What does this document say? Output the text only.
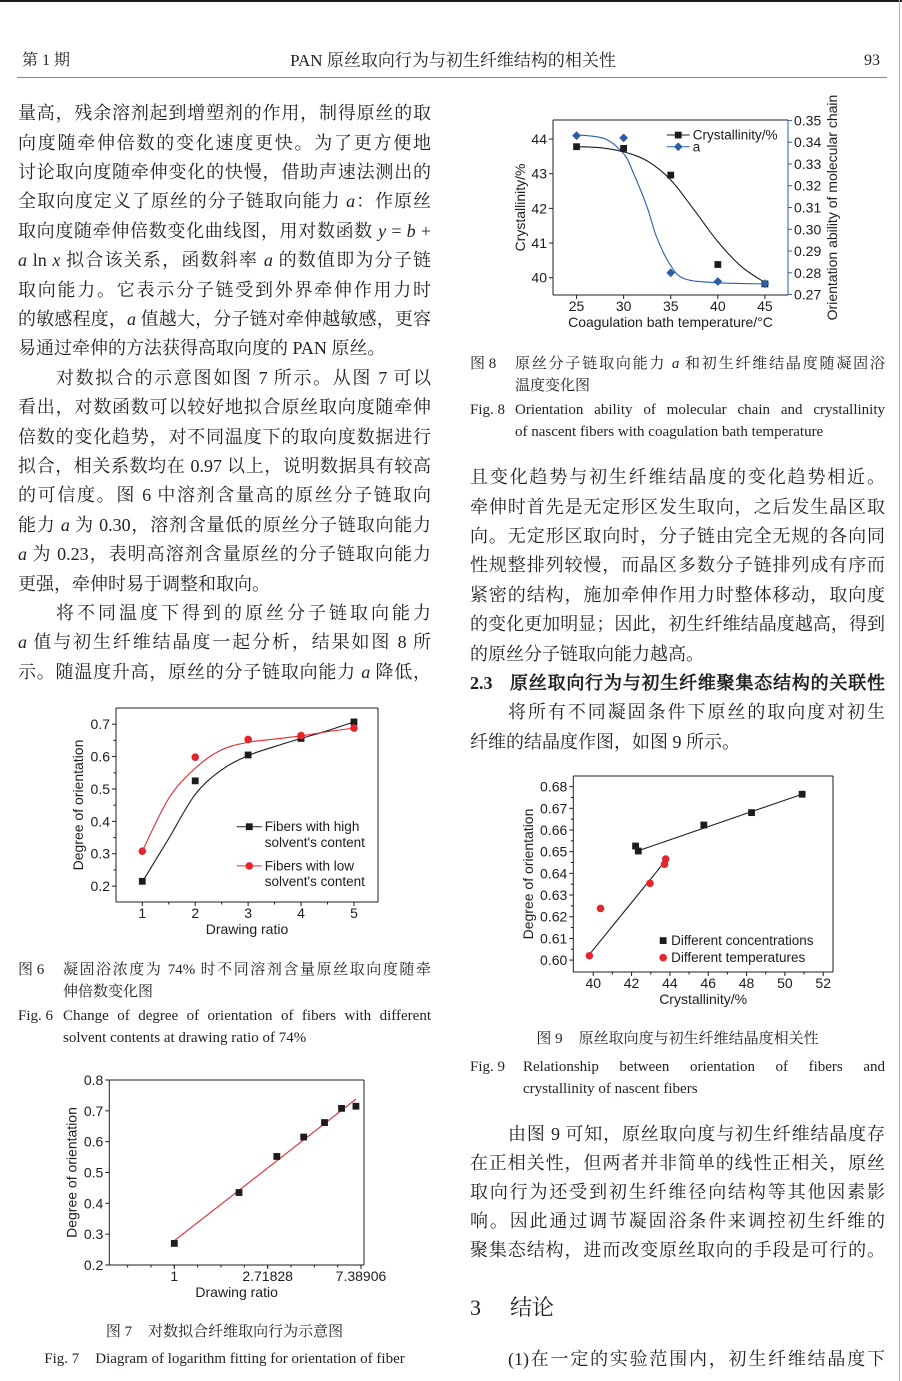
第 1 期	PAN 原丝取向行为与初生纤维结构的相关性	93
量高，残余溶剂起到增塑剂的作用，制得原丝的取
向度随牵伸倍数的变化速度更快。为了更方便地
讨论取向度随牵伸变化的快慢，借助声速法测出的
全取向度定义了原丝的分子链取向能力 a：作原丝
取向度随牵伸倍数变化曲线图，用对数函数 y = b +
a ln x 拟合该关系，函数斜率 a 的数值即为分子链
取向能力。它表示分子链受到外界牵伸作用力时
的敏感程度，a 值越大，分子链对牵伸越敏感，更容
易通过牵伸的方法获得高取向度的 PAN 原丝。
对数拟合的示意图如图 7 所示。从图 7 可以
看出，对数函数可以较好地拟合原丝取向度随牵伸
倍数的变化趋势，对不同温度下的取向度数据进行
拟合，相关系数均在 0.97 以上，说明数据具有较高
的可信度。图 6 中溶剂含量高的原丝分子链取向
能力 a 为 0.30，溶剂含量低的原丝分子链取向能力
a 为 0.23，表明高溶剂含量原丝的分子链取向能力
更强，牵伸时易于调整和取向。
将不同温度下得到的原丝分子链取向能力
a 值与初生纤维结晶度一起分析，结果如图 8 所
示。随温度升高，原丝的分子链取向能力 a 降低，
1	2	3	4	5
0.2
0.3
0.4
0.5
0.6
0.7
Drawing ratio
Degree of orientation	Fibers with high
solvent's content
Fibers with low
solvent's content
图 6	凝固浴浓度为 74% 时不同溶剂含量原丝取向度随牵
伸倍数变化图
Fig. 6 Change of degree of orientation of fibers with different
solvent contents at drawing ratio of 74%
1	2.71828	7.38906
0.2
0.3
0.4
0.5
0.6
0.7
0.8
Drawing ratio
Degree of orientation
图 7 对数拟合纤维取向行为示意图
Fig. 7 Diagram of logarithm fitting for orientation of fiber
25 30 35 40 45
40
41
42
43
44
0.27
0.28
0.29
0.30
0.31
0.32
0.33
0.34
0.35
Coagulation bath temperature/°C
Crystallinity/%	Orientation ability of molecular chain
Crystallinity/%
a
图 8	原丝分子链取向能力 a 和初生纤维结晶度随凝固浴
温度变化图
Fig. 8 Orientation ability of molecular chain and crystallinity
of nascent fibers with coagulation bath temperature
且变化趋势与初生纤维结晶度的变化趋势相近。
牵伸时首先是无定形区发生取向，之后发生晶区取
向。无定形区取向时，分子链由完全无规的各向同
性规整排列较慢，而晶区多数分子链排列成有序而
紧密的结构，施加牵伸作用力时整体移动，取向度
的变化更加明显；因此，初生纤维结晶度越高，得到
的原丝分子链取向能力越高。
2.3 原丝取向行为与初生纤维聚集态结构的关联性
将所有不同凝固条件下原丝的取向度对初生
纤维的结晶度作图，如图 9 所示。
40 42 44 46 48 50 52
0.60
0.61
0.62
0.63
0.64
0.65
0.66
0.67
0.68
Crystallinity/%
Degree of orientation
Different concentrations
Different temperatures
图 9 原丝取向度与初生纤维结晶度相关性
Fig. 9	Relationship between orientation of fibers and
crystallinity of nascent fibers
由图 9 可知，原丝取向度与初生纤维结晶度存
在正相关性，但两者并非简单的线性正相关，原丝
取向行为还受到初生纤维径向结构等其他因素影
响。因此通过调节凝固浴条件来调控初生纤维的
聚集态结构，进而改变原丝取向的手段是可行的。
3	结论
(1)在一定的实验范围内，初生纤维结晶度下
